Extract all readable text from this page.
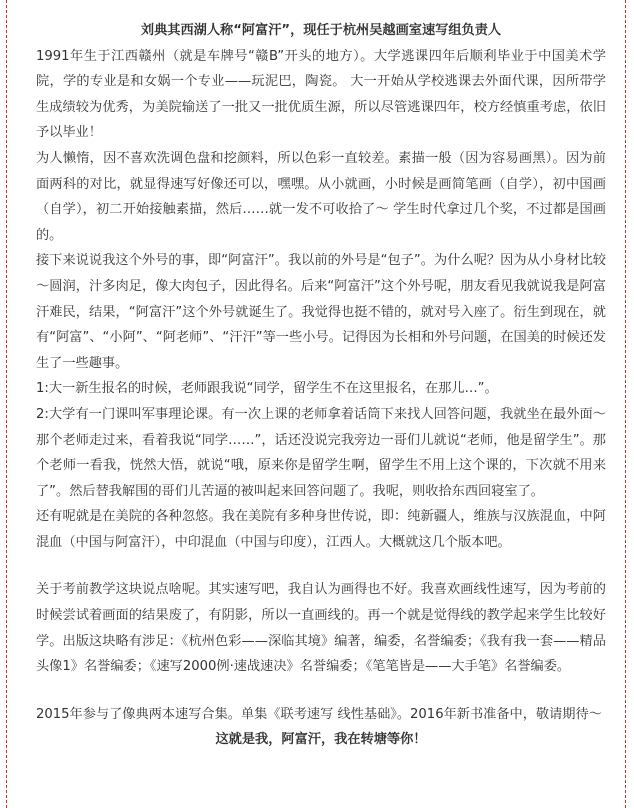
刘典其西湖人称“阿富汗”，现任于杭州吴越画室速写组负责人

1991年生于江西赣州（就是车牌号“赣B”开头的地方）。大学逃课四年后顺利毕业于中国美术学院，学的专业是和女娲一个专业——玩泥巴，陶瓷。 大一开始从学校逃课去外面代课，因所带学生成绩较为优秀，为美院输送了一批又一批优质生源，所以尽管逃课四年，校方经慎重考虑，依旧予以毕业！

为人懒惰，因不喜欢洗调色盘和挖颜料，所以色彩一直较差。素描一般（因为容易画黑）。因为前面两科的对比，就显得速写好像还可以，嘿嘿。从小就画，小时候是画简笔画（自学），初中国画（自学），初二开始接触素描，然后……就一发不可收拾了～ 学生时代拿过几个奖，不过都是国画的。

接下来说说我这个外号的事，即“阿富汗”。我以前的外号是“包子”。为什么呢？因为从小身材比较～圆润，汁多肉足，像大肉包子，因此得名。后来“阿富汗”这个外号呢，朋友看见我就说我是阿富汗难民，结果，“阿富汗”这个外号就诞生了。我觉得也挺不错的，就对号入座了。衍生到现在，就有“阿富”、“小阿”、“阿老师”、“汗汗”等一些小号。记得因为长相和外号问题，在国美的时候还发生了一些趣事。

1:大一新生报名的时候，老师跟我说“同学，留学生不在这里报名，在那儿…”。

2:大学有一门课叫军事理论课。有一次上课的老师拿着话筒下来找人回答问题，我就坐在最外面～那个老师走过来，看着我说“同学……”，话还没说完我旁边一哥们儿就说“老师，他是留学生”。那个老师一看我，恍然大悟，就说“哦，原来你是留学生啊，留学生不用上这个课的，下次就不用来了”。然后替我解围的哥们儿苦逼的被叫起来回答问题了。我呢，则收拾东西回寝室了。

还有呢就是在美院的各种忽悠。我在美院有多种身世传说，即：纯新疆人，维族与汉族混血，中阿混血（中国与阿富汗），中印混血（中国与印度），江西人。大概就这几个版本吧。

关于考前教学这块说点啥呢。其实速写吧，我自认为画得也不好。我喜欢画线性速写，因为考前的时候尝试着画面的结果废了，有阴影，所以一直画线的。再一个就是觉得线的教学起来学生比较好学。出版这块略有涉足：《杭州色彩——深临其境》编著，编委，名誉编委；《我有我一套——精品头像1》名誉编委；《速写2000例·速战速决》名誉编委；《笔笔皆是——大手笔》名誉编委。

2015年参与了像典两本速写合集。单集《联考速写 线性基础》。2016年新书准备中，敬请期待～

这就是我，阿富汗，我在转塘等你！
